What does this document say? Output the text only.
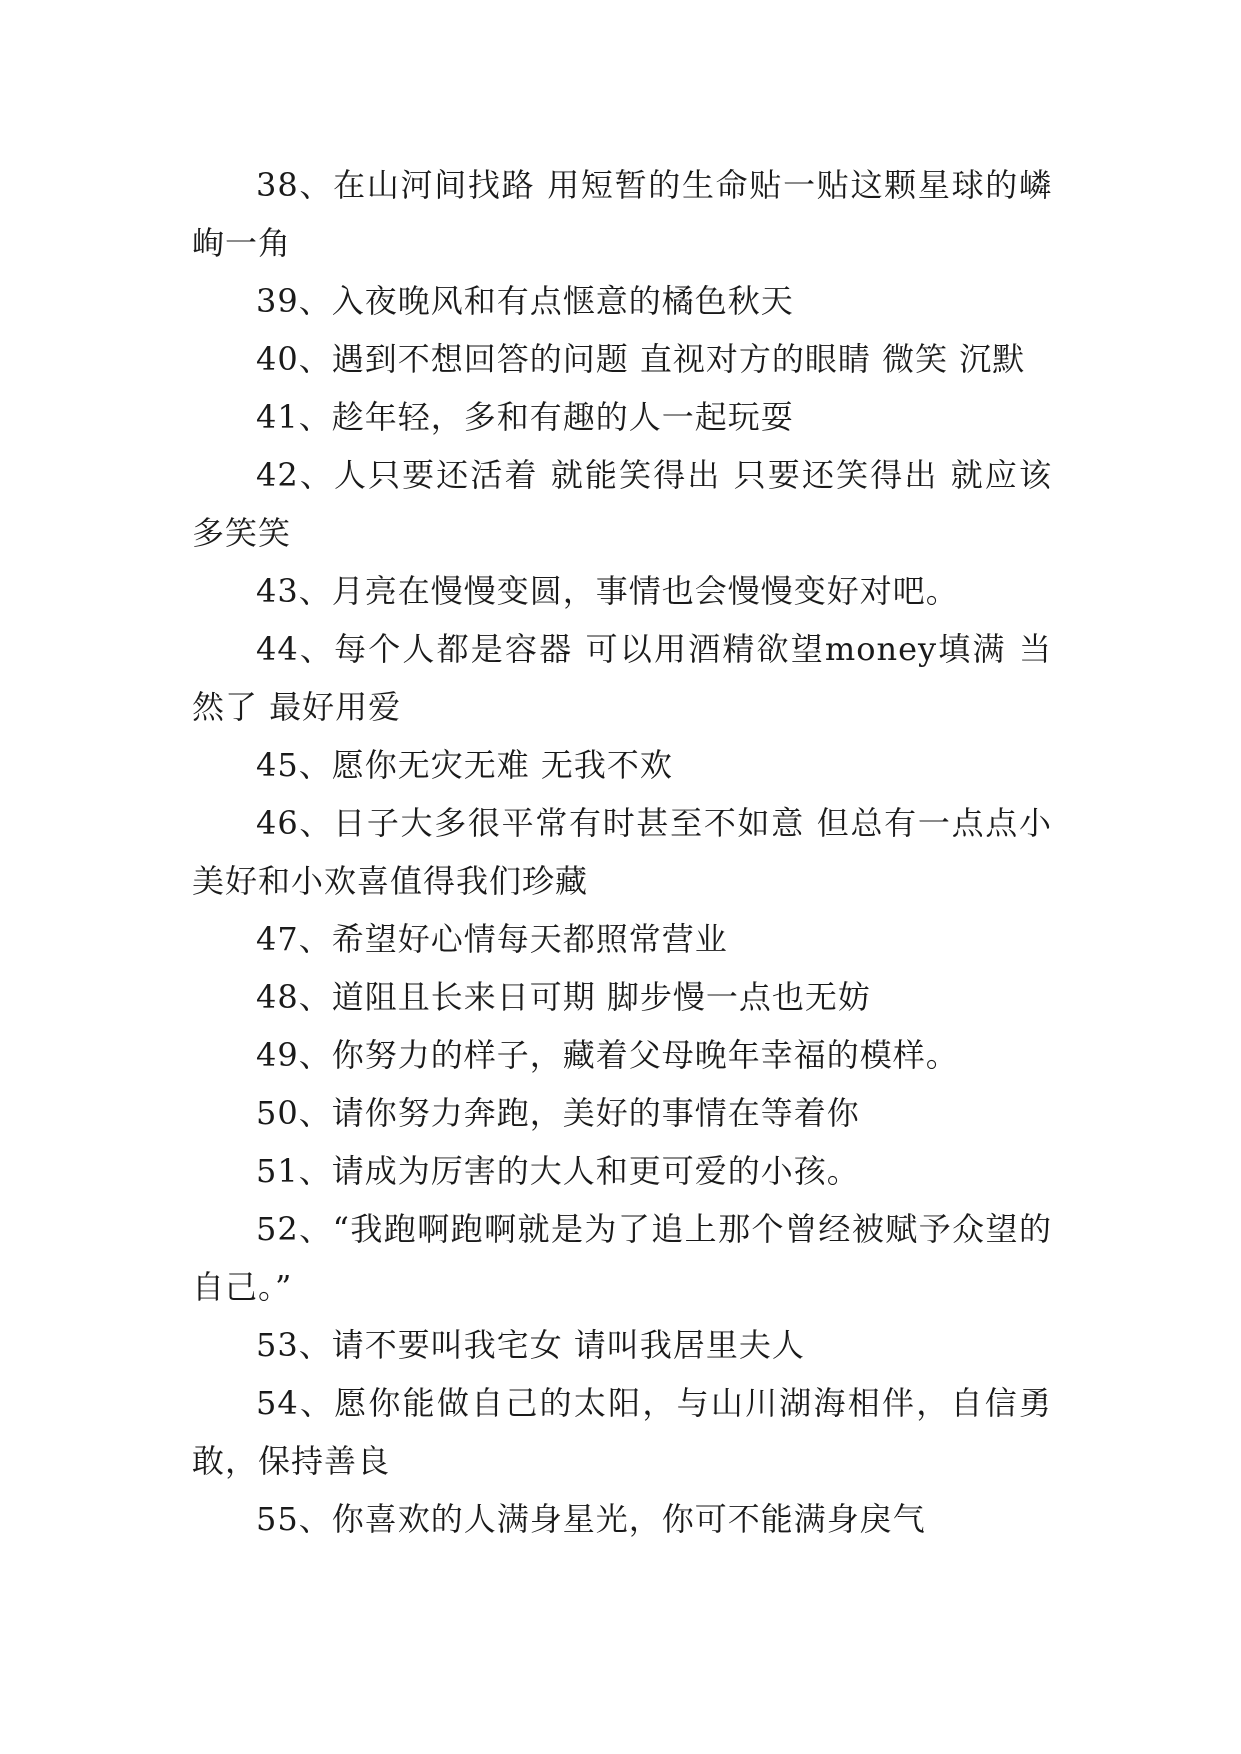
38、在山河间找路 用短暂的生命贴一贴这颗星球的嶙峋一角

39、入夜晚风和有点惬意的橘色秋天

40、遇到不想回答的问题 直视对方的眼睛 微笑 沉默

41、趁年轻，多和有趣的人一起玩耍

42、人只要还活着 就能笑得出 只要还笑得出 就应该多笑笑

43、月亮在慢慢变圆，事情也会慢慢变好对吧。

44、每个人都是容器 可以用酒精欲望money填满 当然了 最好用爱

45、愿你无灾无难 无我不欢

46、日子大多很平常有时甚至不如意 但总有一点点小美好和小欢喜值得我们珍藏

47、希望好心情每天都照常营业

48、道阻且长来日可期 脚步慢一点也无妨

49、你努力的样子，藏着父母晚年幸福的模样。

50、请你努力奔跑，美好的事情在等着你

51、请成为厉害的大人和更可爱的小孩。

52、“我跑啊跑啊就是为了追上那个曾经被赋予众望的自己。”

53、请不要叫我宅女 请叫我居里夫人

54、愿你能做自己的太阳，与山川湖海相伴，自信勇敢，保持善良

55、你喜欢的人满身星光，你可不能满身戾气
